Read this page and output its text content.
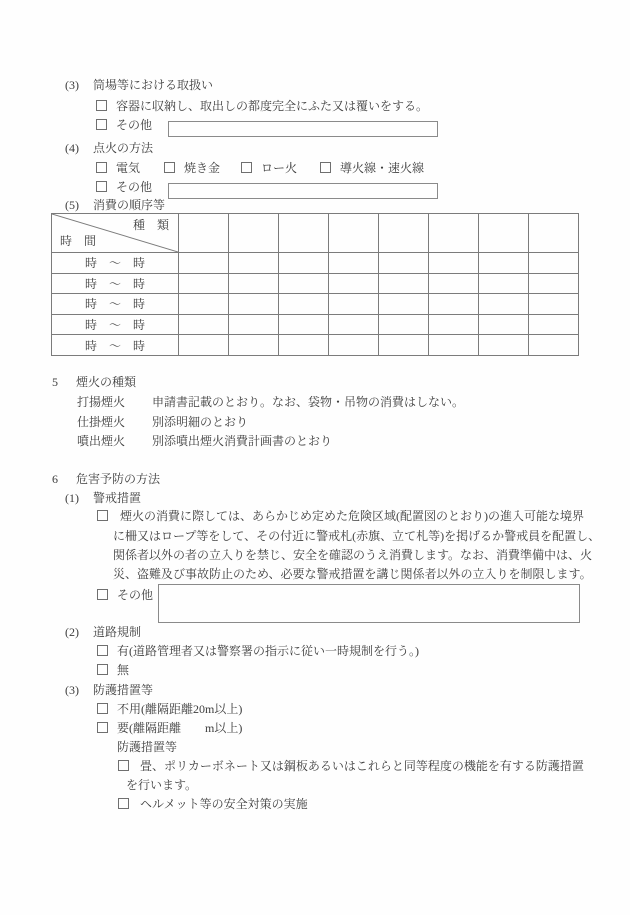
(3) 筒場等における取扱い
容器に収納し、取出しの都度完全にふた又は覆いをする。
その他
(4) 点火の方法
電気	焼き金	ロー火	導火線・速火線
その他
(5) 消費の順序等
種　類
時　間								

時　～　時								
時　～　時								
時　～　時								
時　～　時								
時　～　時								
5 煙火の種類
打揚煙火 申請書記載のとおり。なお、袋物・吊物の消費はしない。
仕掛煙火 別添明細のとおり
噴出煙火 別添噴出煙火消費計画書のとおり
6 危害予防の方法
(1) 警戒措置
煙火の消費に際しては、あらかじめ定めた危険区域(配置図のとおり)の進入可能な境界
に柵又はロープ等をして、その付近に警戒札(赤旗、立て札等)を掲げるか警戒員を配置し、
関係者以外の者の立入りを禁じ、安全を確認のうえ消費します。なお、消費準備中は、火
災、盗難及び事故防止のため、必要な警戒措置を講じ関係者以外の立入りを制限します。
その他
(2) 道路規制
有(道路管理者又は警察署の指示に従い一時規制を行う。)
無
(3) 防護措置等
不用(離隔距離20m以上)
要(離隔距離　　m以上)
防護措置等
畳、ポリカーボネート又は鋼板あるいはこれらと同等程度の機能を有する防護措置
を行います。
ヘルメット等の安全対策の実施
